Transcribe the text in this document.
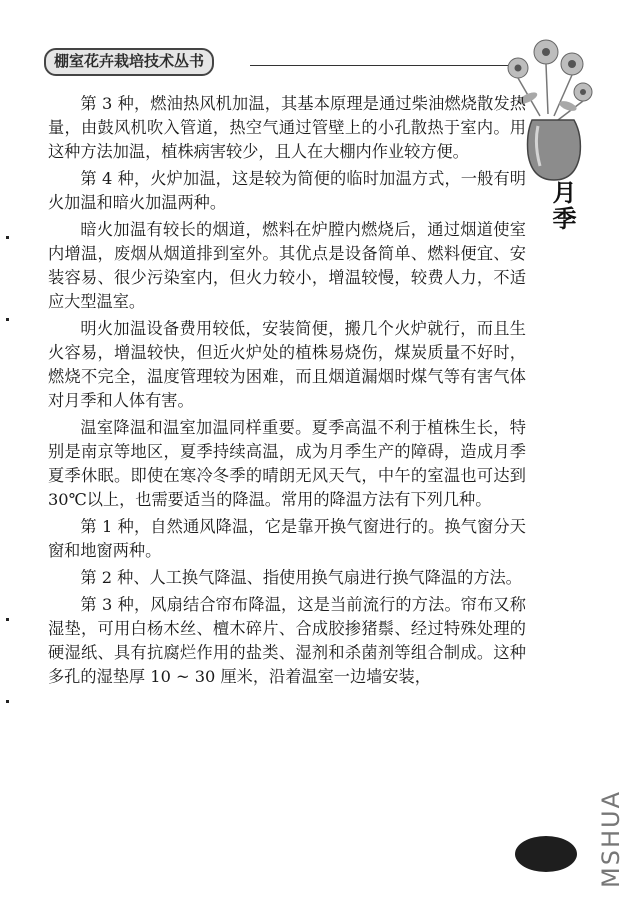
棚室花卉栽培技术丛书
月季

第 3 种，燃油热风机加温，其基本原理是通过柴油燃烧散发热量，由鼓风机吹入管道，热空气通过管壁上的小孔散热于室内。用这种方法加温，植株病害较少，且人在大棚内作业较方便。

第 4 种，火炉加温，这是较为简便的临时加温方式，一般有明火加温和暗火加温两种。

暗火加温有较长的烟道，燃料在炉膛内燃烧后，通过烟道使室内增温，废烟从烟道排到室外。其优点是设备简单、燃料便宜、安装容易、很少污染室内，但火力较小，增温较慢，较费人力，不适应大型温室。

明火加温设备费用较低，安装简便，搬几个火炉就行，而且生火容易，增温较快，但近火炉处的植株易烧伤，煤炭质量不好时，燃烧不完全，温度管理较为困难，而且烟道漏烟时煤气等有害气体对月季和人体有害。

温室降温和温室加温同样重要。夏季高温不利于植株生长，特别是南京等地区，夏季持续高温，成为月季生产的障碍，造成月季夏季休眠。即使在寒冷冬季的晴朗无风天气，中午的室温也可达到 30℃以上，也需要适当的降温。常用的降温方法有下列几种。

第 1 种，自然通风降温，它是靠开换气窗进行的。换气窗分天窗和地窗两种。

第 2 种、人工换气降温、指使用换气扇进行换气降温的方法。

第 3 种，风扇结合帘布降温，这是当前流行的方法。帘布又称湿垫，可用白杨木丝、檀木碎片、合成胶掺猪鬃、经过特殊处理的硬湿纸、具有抗腐烂作用的盐类、湿剂和杀菌剂等组合制成。这种多孔的湿垫厚 10 ~ 30 厘米，沿着温室一边墙安装，

MSHUA
